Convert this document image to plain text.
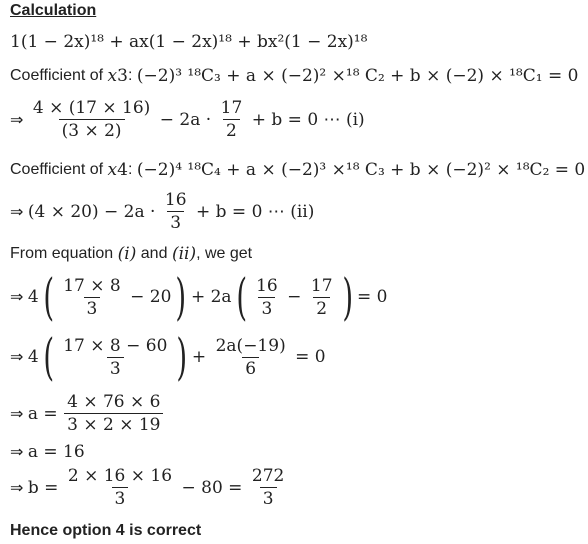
Calculation
1(1 − 2x)¹⁸ + ax(1 − 2x)¹⁸ + bx²(1 − 2x)¹⁸
Coefficient of
x 3 :
(−2)³ ¹⁸C₃ + a × (−2)² ×¹⁸ C₂ + b × (−2) × ¹⁸C₁ = 0
⇒
$\frac{4 \times (17 \times 16)}{(3 \times 2)}$
− 2a ·
$\frac{17}{2}$
+ b = 0 ⋯ (i)
Coefficient of
x 4 :
(−2)⁴ ¹⁸C₄ + a × (−2)³ ×¹⁸ C₃ + b × (−2)² × ¹⁸C₂ = 0
⇒
(4 × 20) − 2a ·
$\frac{16}{3}$
+ b = 0 ⋯ (ii)
From equation
(i)
and
(ii) , we get
⇒
4 ( $\frac{17 \times 8}{3}$
− 20 ) + 2a ( $\frac{16}{3}$
−
$\frac{17}{2}$ ) = 0
⇒
4 ( $\frac{17 \times 8 - 60}{3}$ ) +
$\frac{2a(-19)}{6}$
= 0
⇒
a =
$\frac{4 \times 76 \times 6}{3 \times 2 \times 19}$
⇒
a = 16
⇒
b =
$\frac{2 \times 16 \times 16}{3}$
− 80 =
$\frac{272}{3}$
Hence option 4 is correct
